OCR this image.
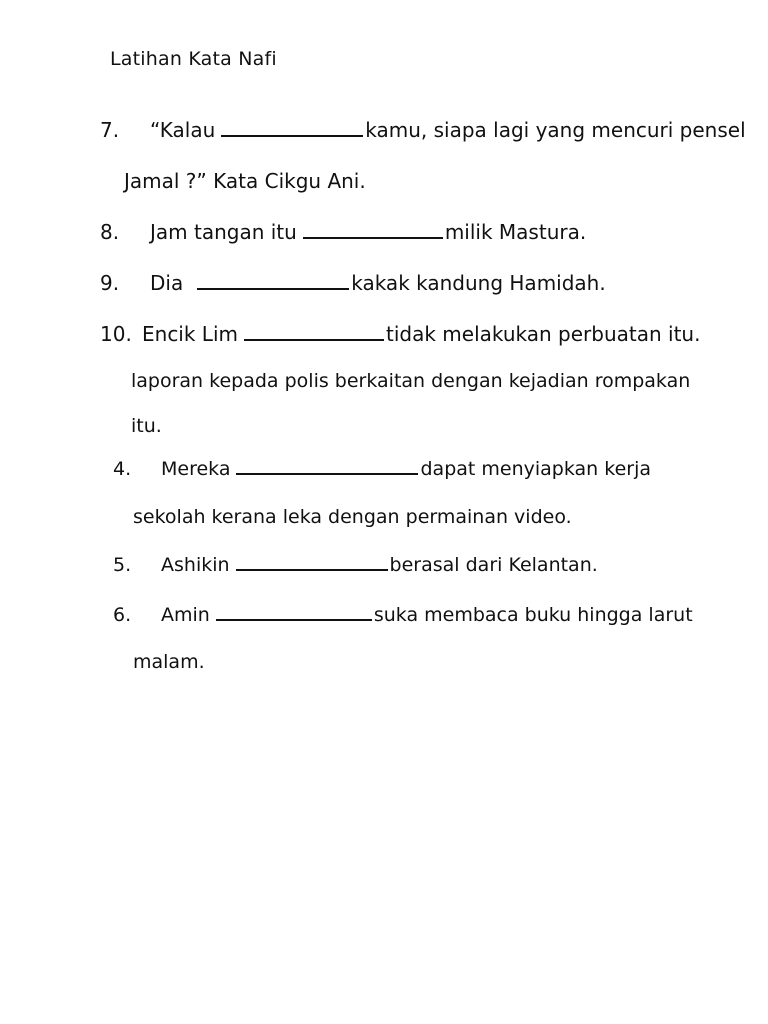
Latihan Kata Nafi
7. “Kalau	kamu, siapa lagi yang mencuri pensel
Jamal ?” Kata Cikgu Ani.
8. Jam tangan itu	milik Mastura.
9. Dia	kakak kandung Hamidah.
10. Encik Lim	tidak melakukan perbuatan itu.
laporan kepada polis berkaitan dengan kejadian rompakan
itu.
4. Mereka	dapat menyiapkan kerja
sekolah kerana leka dengan permainan video.
5. Ashikin	berasal dari Kelantan.
6. Amin	suka membaca buku hingga larut
malam.
